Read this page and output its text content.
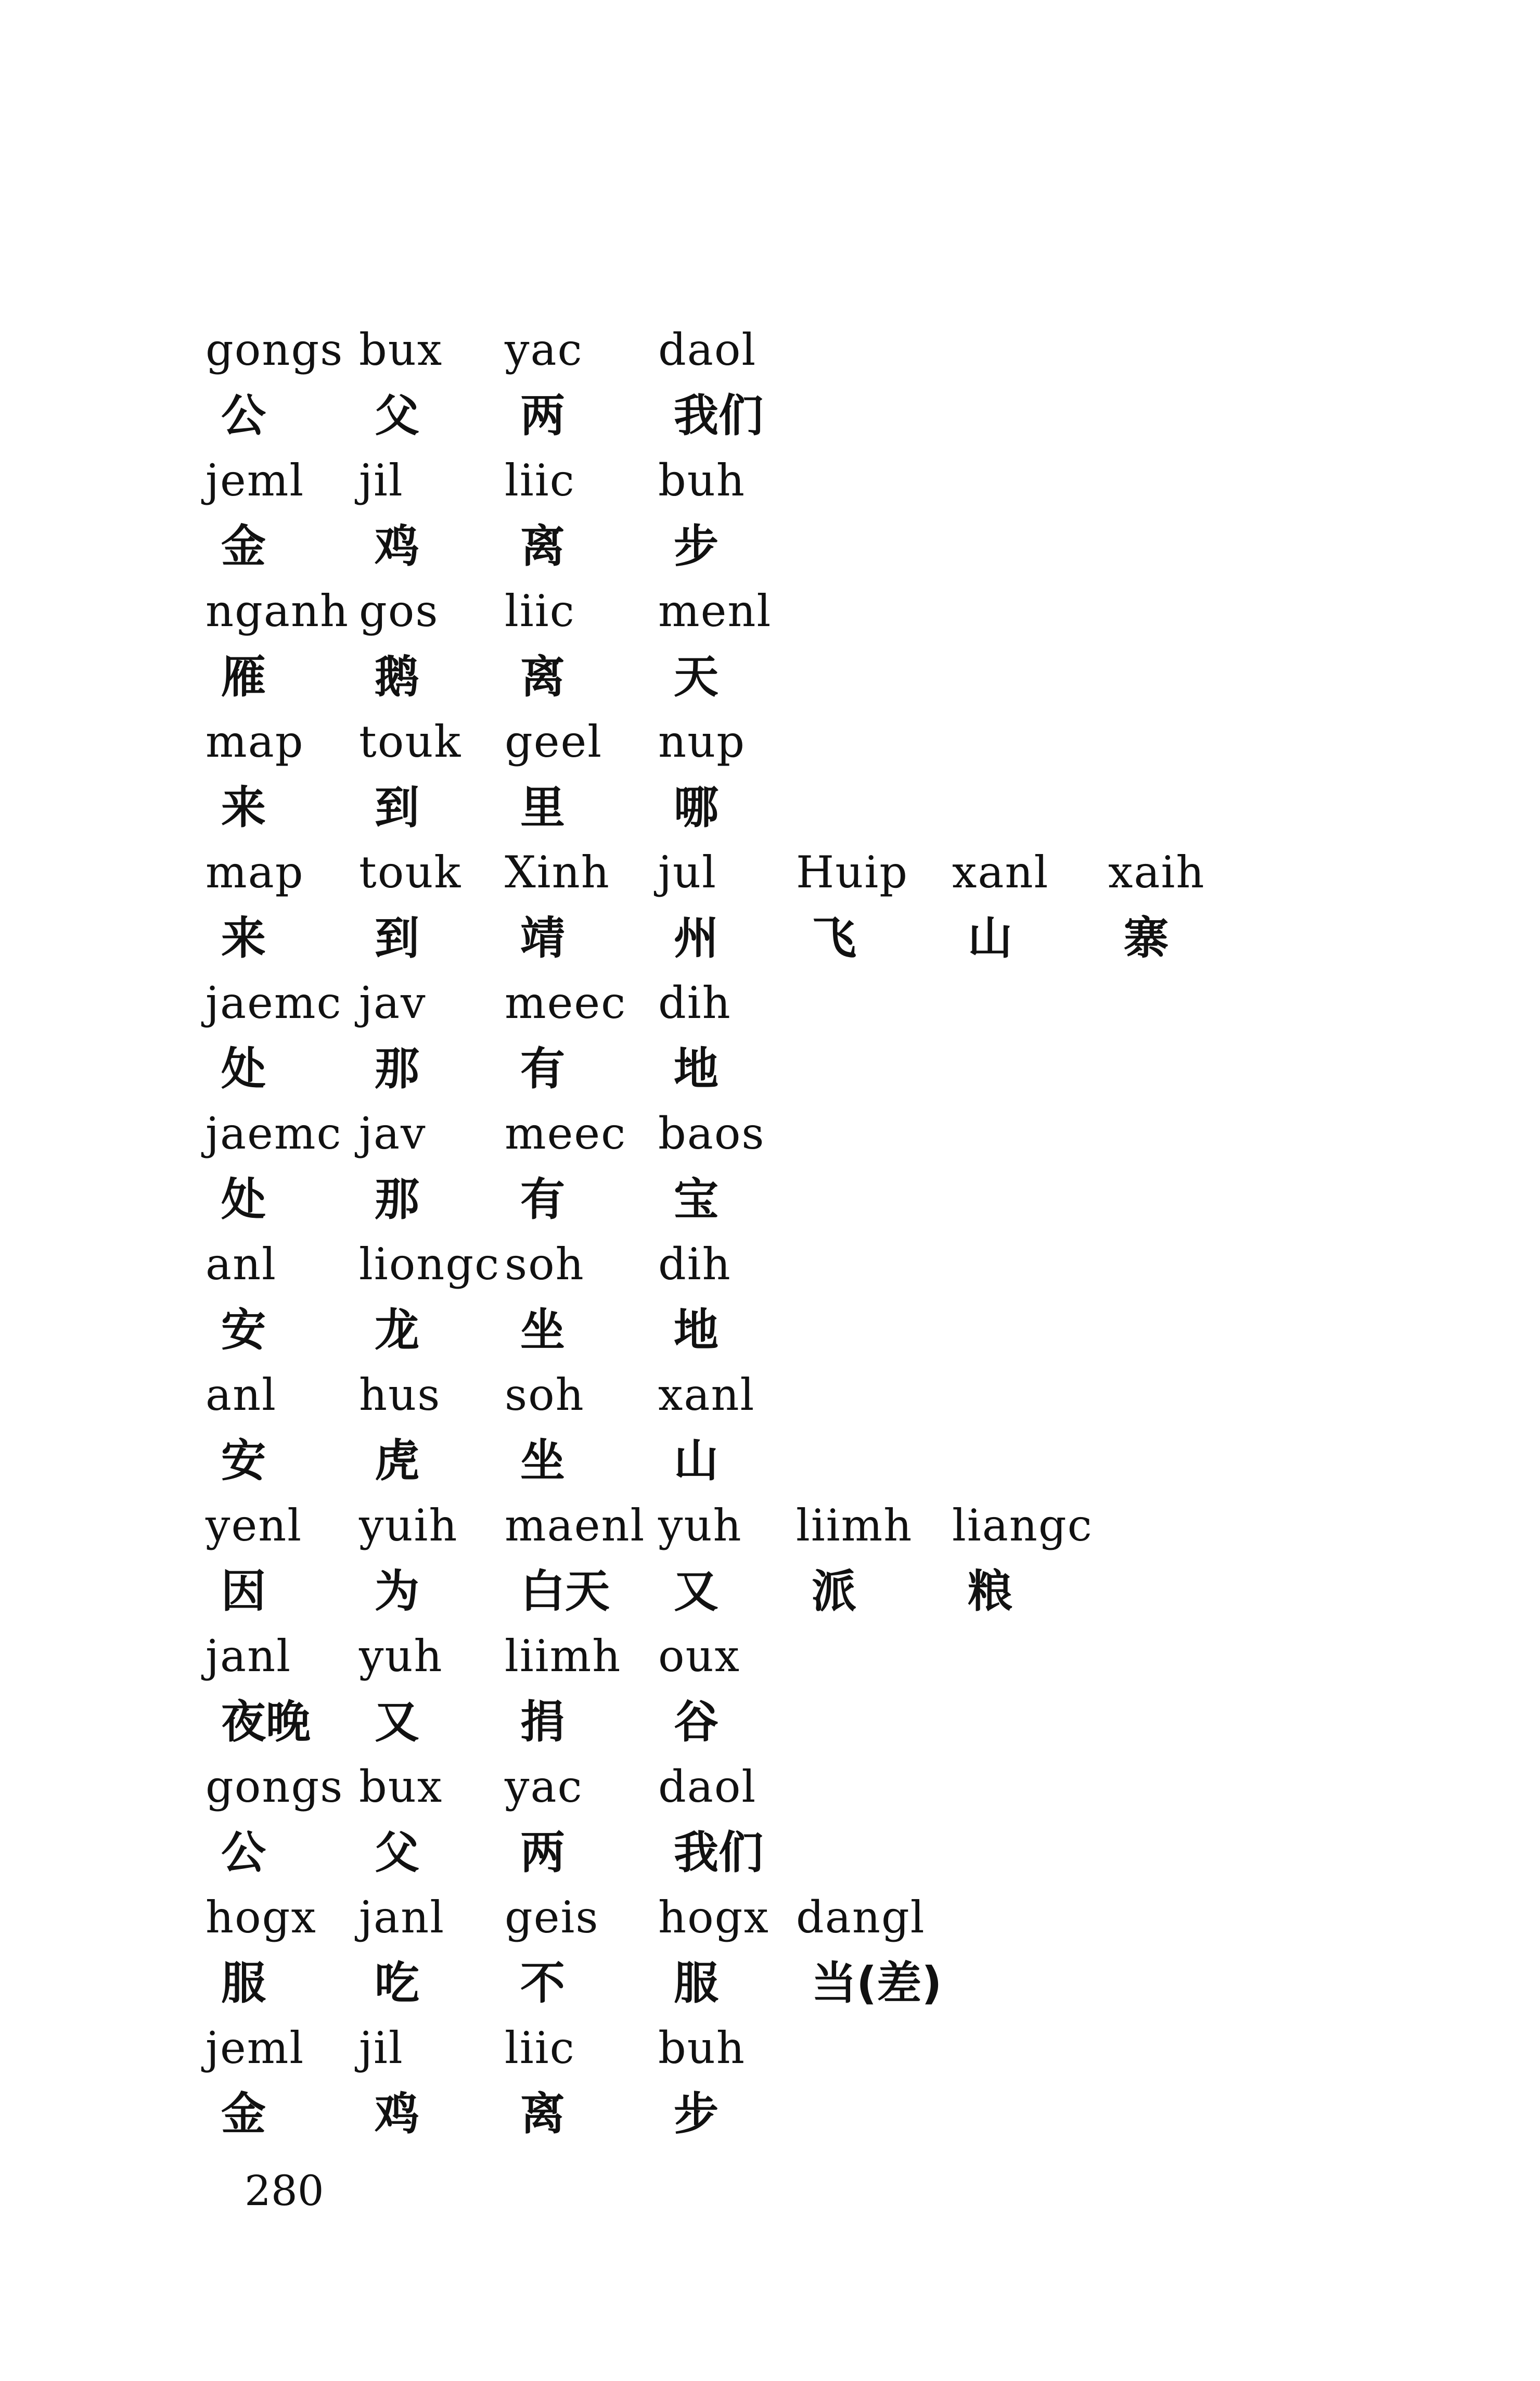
gongs bux yac daol
公 父 两 我们
jeml jil liic buh
金 鸡 离 步
nganh gos liic menl
雁 鹅 离 天
map touk geel nup
来 到 里 哪
map touk Xinh jul Huip xanl xaih
来 到 靖 州 飞 山 寨
jaemc jav meec dih
处 那 有 地
jaemc jav meec baos
处 那 有 宝
anl liongc soh dih
安 龙 坐 地
anl hus soh xanl
安 虎 坐 山
yenl yuih maenl yuh liimh liangc
因 为 白天 又 派 粮
janl yuh liimh oux
夜晚 又 捐 谷
gongs bux yac daol
公 父 两 我们
hogx janl geis hogx dangl
服 吃 不 服 当(差)
jeml jil liic buh
金 鸡 离 步
280
